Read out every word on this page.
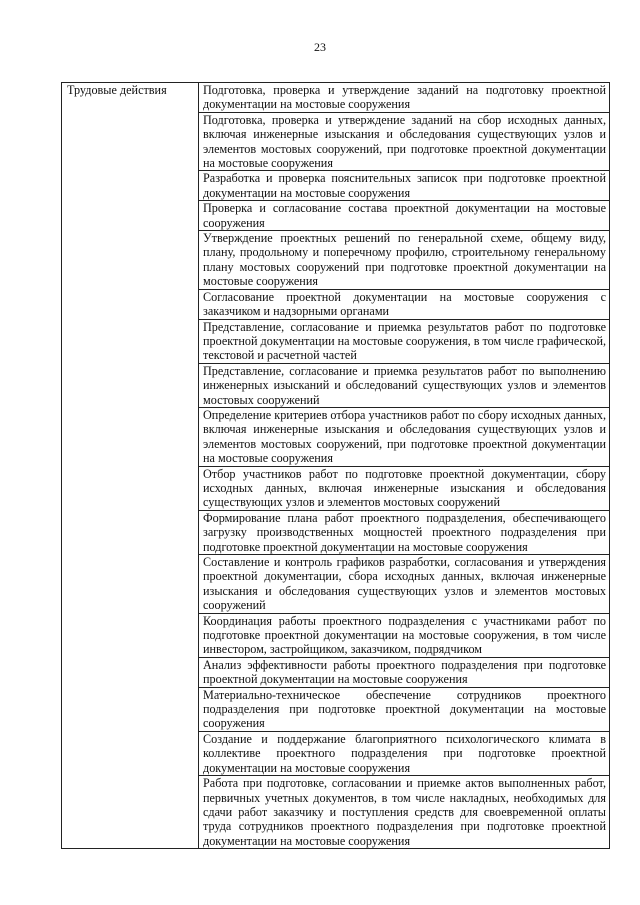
23
Трудовые действия	Подготовка, проверка и утверждение заданий на подготовку проектной документации на мостовые сооружения
Подготовка, проверка и утверждение заданий на сбор исходных данных, включая инженерные изыскания и обследования существующих узлов и элементов мостовых сооружений, при подготовке проектной документации на мостовые сооружения
Разработка и проверка пояснительных записок при подготовке проектной документации на мостовые сооружения
Проверка и согласование состава проектной документации на мостовые сооружения
Утверждение проектных решений по генеральной схеме, общему виду, плану, продольному и поперечному профилю, строительному генеральному плану мостовых сооружений при подготовке проектной документации на мостовые сооружения
Согласование проектной документации на мостовые сооружения с заказчиком и надзорными органами
Представление, согласование и приемка результатов работ по подготовке проектной документации на мостовые сооружения, в том числе графической, текстовой и расчетной частей
Представление, согласование и приемка результатов работ по выполнению инженерных изысканий и обследований существующих узлов и элементов мостовых сооружений
Определение критериев отбора участников работ по сбору исходных данных, включая инженерные изыскания и обследования существующих узлов и элементов мостовых сооружений, при подготовке проектной документации на мостовые сооружения
Отбор участников работ по подготовке проектной документации, сбору исходных данных, включая инженерные изыскания и обследования существующих узлов и элементов мостовых сооружений
Формирование плана работ проектного подразделения, обеспечивающего загрузку производственных мощностей проектного подразделения при подготовке проектной документации на мостовые сооружения
Составление и контроль графиков разработки, согласования и утверждения проектной документации, сбора исходных данных, включая инженерные изыскания и обследования существующих узлов и элементов мостовых сооружений
Координация работы проектного подразделения с участниками работ по подготовке проектной документации на мостовые сооружения, в том числе инвестором, застройщиком, заказчиком, подрядчиком
Анализ эффективности работы проектного подразделения при подготовке проектной документации на мостовые сооружения
Материально-техническое обеспечение сотрудников проектного подразделения при подготовке проектной документации на мостовые сооружения
Создание и поддержание благоприятного психологического климата в коллективе проектного подразделения при подготовке проектной документации на мостовые сооружения
Работа при подготовке, согласовании и приемке актов выполненных работ, первичных учетных документов, в том числе накладных, необходимых для сдачи работ заказчику и поступления средств для своевременной оплаты труда сотрудников проектного подразделения при подготовке проектной документации на мостовые сооружения
